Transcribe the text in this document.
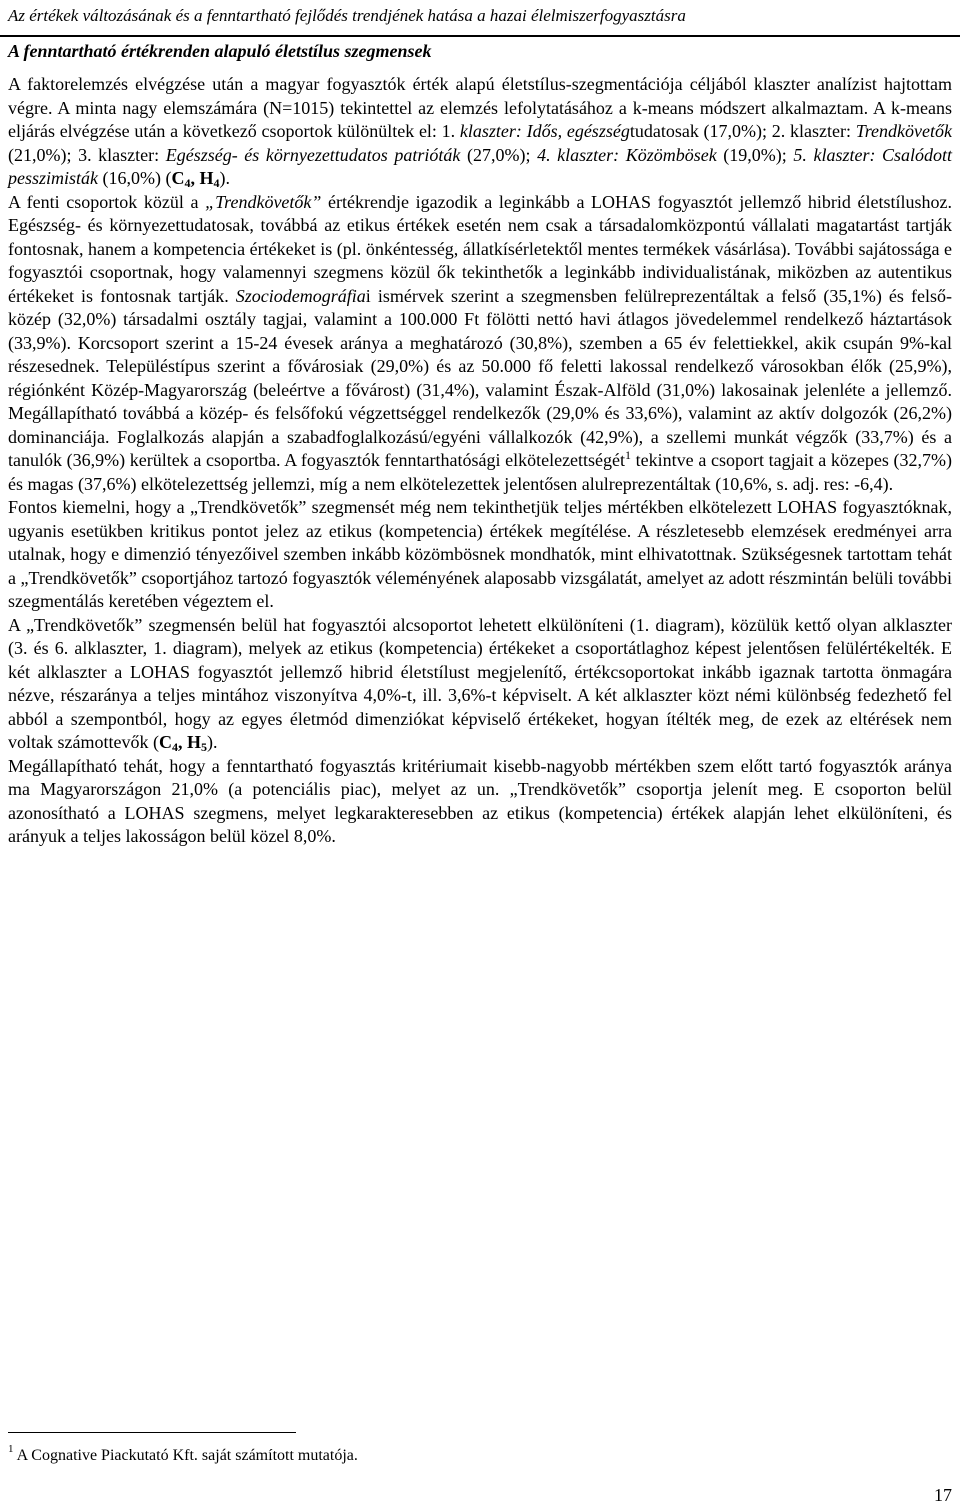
Az értékek változásának és a fenntartható fejlődés trendjének hatása a hazai élelmiszerfogyasztásra
A fenntartható értékrenden alapuló életstílus szegmensek

A faktorelemzés elvégzése után a magyar fogyasztók érték alapú életstílus-szegmentációja céljából klaszter analízist hajtottam végre. A minta nagy elemszámára (N=1015) tekintettel az elemzés lefolytatásához a k-means módszert alkalmaztam. A k-means eljárás elvégzése után a következő csoportok különültek el: 1. klaszter: Idős, egészségtudatosak (17,0%); 2. klaszter: Trendkövetők (21,0%); 3. klaszter: Egészség- és környezettudatos patrióták (27,0%); 4. klaszter: Közömbösek (19,0%); 5. klaszter: Csalódott pesszimisták (16,0%) ($C_4$, $H_4$).

A fenti csoportok közül a „Trendkövetők” értékrendje igazodik a leginkább a LOHAS fogyasztót jellemző hibrid életstílushoz. Egészség- és környezettudatosak, továbbá az etikus értékek esetén nem csak a társadalomközpontú vállalati magatartást tartják fontosnak, hanem a kompetencia értékeket is (pl. önkéntesség, állatkísérletektől mentes termékek vásárlása). További sajátossága e fogyasztói csoportnak, hogy valamennyi szegmens közül ők tekinthetők a leginkább individualistának, miközben az autentikus értékeket is fontosnak tartják. Szociodemográfiai ismérvek szerint a szegmensben felülreprezentáltak a felső (35,1%) és felső-közép (32,0%) társadalmi osztály tagjai, valamint a 100.000 Ft fölötti nettó havi átlagos jövedelemmel rendelkező háztartások (33,9%). Korcsoport szerint a 15-24 évesek aránya a meghatározó (30,8%), szemben a 65 év felettiekkel, akik csupán 9%-kal részesednek. Településtípus szerint a fővárosiak (29,0%) és az 50.000 fő feletti lakossal rendelkező városokban élők (25,9%), régiónként Közép-Magyarország (beleértve a fővárost) (31,4%), valamint Észak-Alföld (31,0%) lakosainak jelenléte a jellemző. Megállapítható továbbá a közép- és felsőfokú végzettséggel rendelkezők (29,0% és 33,6%), valamint az aktív dolgozók (26,2%) dominanciája. Foglalkozás alapján a szabadfoglalkozású/egyéni vállalkozók (42,9%), a szellemi munkát végzők (33,7%) és a tanulók (36,9%) kerültek a csoportba. A fogyasztók fenntarthatósági elkötelezettségét$^1$ tekintve a csoport tagjait a közepes (32,7%) és magas (37,6%) elkötelezettség jellemzi, míg a nem elkötelezettek jelentősen alulreprezentáltak (10,6%, s. adj. res: -6,4).

Fontos kiemelni, hogy a „Trendkövetők” szegmensét még nem tekinthetjük teljes mértékben elkötelezett LOHAS fogyasztóknak, ugyanis esetükben kritikus pontot jelez az etikus (kompetencia) értékek megítélése. A részletesebb elemzések eredményei arra utalnak, hogy e dimenzió tényezőivel szemben inkább közömbösnek mondhatók, mint elhivatottnak. Szükségesnek tartottam tehát a „Trendkövetők” csoportjához tartozó fogyasztók véleményének alaposabb vizsgálatát, amelyet az adott részmintán belüli további szegmentálás keretében végeztem el.

A „Trendkövetők” szegmensén belül hat fogyasztói alcsoportot lehetett elkülöníteni (1. diagram), közülük kettő olyan alklaszter (3. és 6. alklaszter, 1. diagram), melyek az etikus (kompetencia) értékeket a csoportátlaghoz képest jelentősen felülértékelték. E két alklaszter a LOHAS fogyasztót jellemző hibrid életstílust megjelenítő, értékcsoportokat inkább igaznak tartotta önmagára nézve, részaránya a teljes mintához viszonyítva 4,0%-t, ill. 3,6%-t képviselt. A két alklaszter közt némi különbség fedezhető fel abból a szempontból, hogy az egyes életmód dimenziókat képviselő értékeket, hogyan ítélték meg, de ezek az eltérések nem voltak számottevők ($C_4$, $H_5$).

Megállapítható tehát, hogy a fenntartható fogyasztás kritériumait kisebb-nagyobb mértékben szem előtt tartó fogyasztók aránya ma Magyarországon 21,0% (a potenciális piac), melyet az un. „Trendkövetők” csoportja jelenít meg. E csoporton belül azonosítható a LOHAS szegmens, melyet legkarakteresebben az etikus (kompetencia) értékek alapján lehet elkülöníteni, és arányuk a teljes lakosságon belül közel 8,0%.

$^1$ A Cognative Piackutató Kft. saját számított mutatója.
17
